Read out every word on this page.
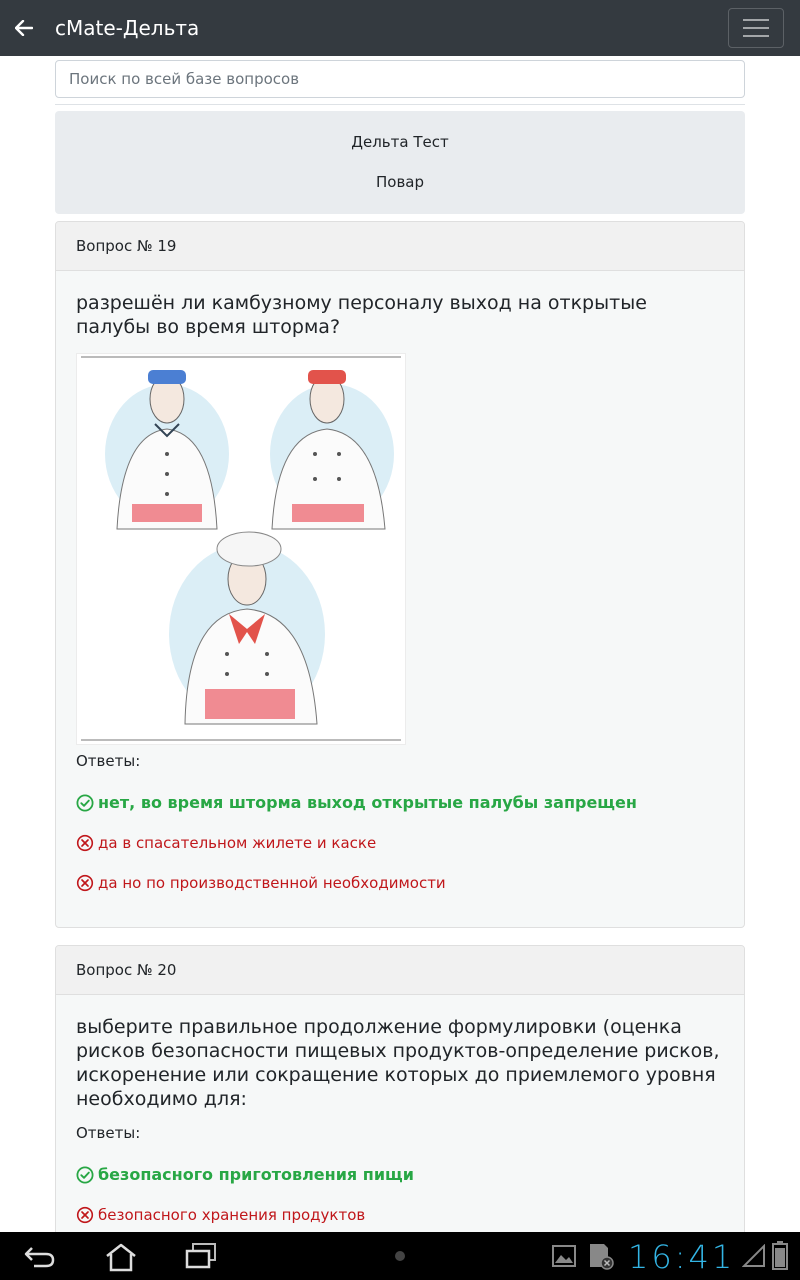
cMate-Дельта
Поиск по всей базе вопросов
Дельта Тест
Повар
Вопрос № 19
разрешён ли камбузному персоналу выход на открытые палубы во время шторма?
Ответы:
нет, во время шторма выход открытые палубы запрещен
да в спасательном жилете и каске
да но по производственной необходимости
Вопрос № 20
выберите правильное продолжение формулировки (оценка рисков безопасности пищевых продуктов-определение рисков, искоренение или сокращение которых до приемлемого уровня необходимо для:
Ответы:
безопасного приготовления пищи
безопасного хранения продуктов
16:41
